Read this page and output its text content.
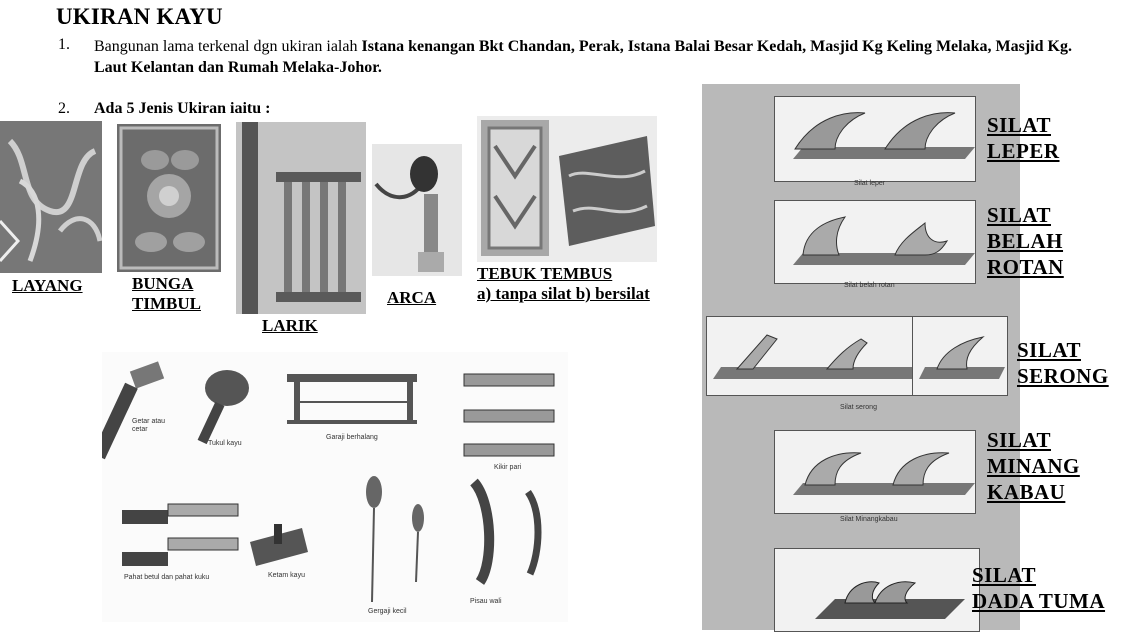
UKIRAN KAYU
1. Bangunan lama terkenal dgn ukiran ialah Istana kenangan Bkt Chandan, Perak, Istana Balai Besar Kedah, Masjid Kg Keling Melaka, Masjid Kg. Laut Kelantan dan Rumah Melaka-Johor.
2. Ada 5 Jenis Ukiran iaitu :
LAYANG	BUNGA
TIMBUL
LARIK
ARCA
TEBUK TEMBUS
a) tanpa silat b) bersilat
Getar atau cetar
Tukul kayu
Garaji berhalang
Kikir pari
Pahat betul dan pahat kuku	Ketam kayu
Gergaji kecil
Pisau wali
Silat leper
Silat belah rotan
Silat serong
Silat Minangkabau
SILAT
LEPER
SILAT
BELAH
ROTAN
SILAT
SERONG
SILAT
MINANG
KABAU
SILAT
DADA TUMA
